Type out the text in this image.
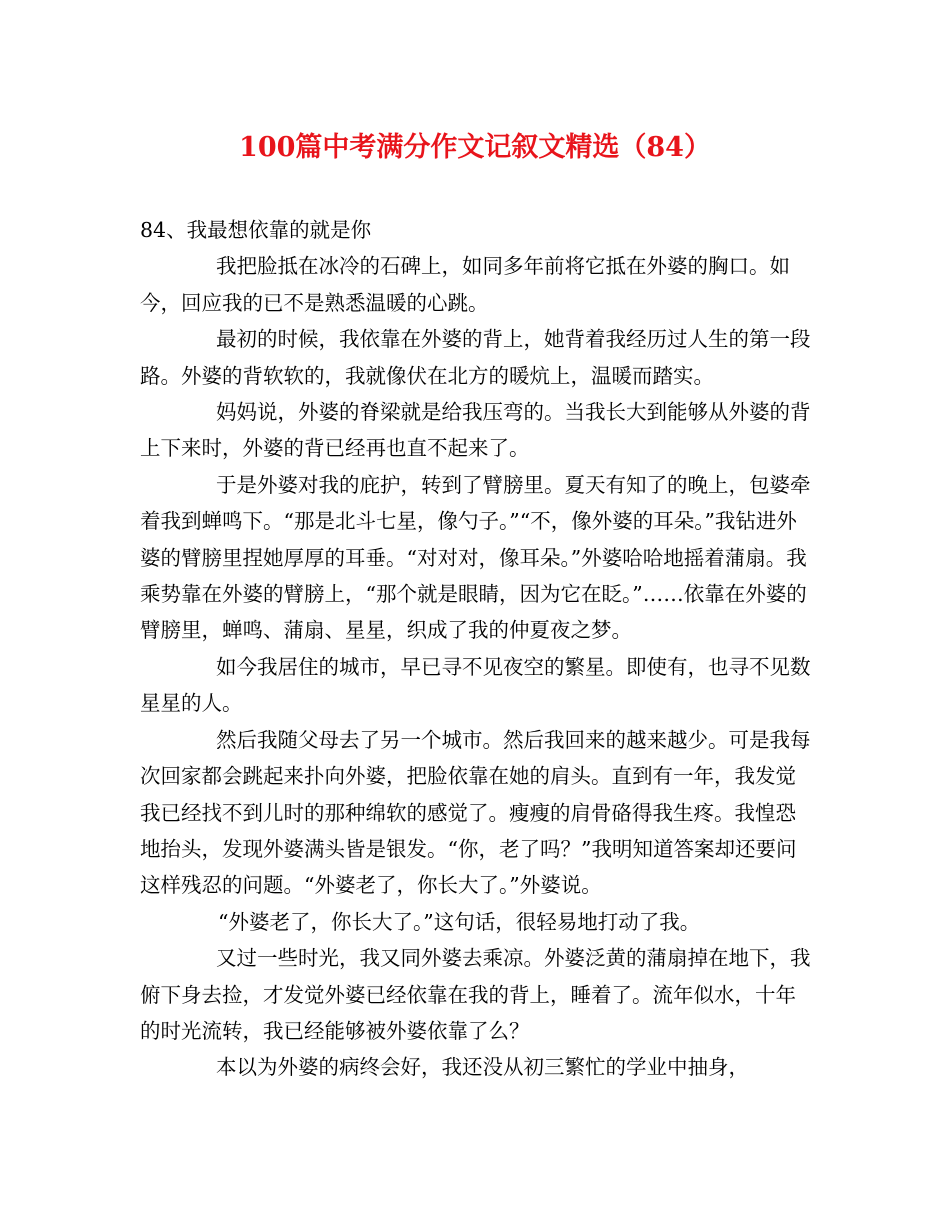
100篇中考满分作文记叙文精选（84）

84、我最想依靠的就是你

我把脸抵在冰冷的石碑上，如同多年前将它抵在外婆的胸口。如今，回应我的已不是熟悉温暖的心跳。

最初的时候，我依靠在外婆的背上，她背着我经历过人生的第一段路。外婆的背软软的，我就像伏在北方的暖炕上，温暖而踏实。

妈妈说，外婆的脊梁就是给我压弯的。当我长大到能够从外婆的背上下来时，外婆的背已经再也直不起来了。

于是外婆对我的庇护，转到了臂膀里。夏天有知了的晚上，包婆牵着我到蝉鸣下。“那是北斗七星，像勺子。”“不，像外婆的耳朵。”我钻进外婆的臂膀里捏她厚厚的耳垂。“对对对，像耳朵。”外婆哈哈地摇着蒲扇。我乘势靠在外婆的臂膀上，“那个就是眼睛，因为它在眨。”……依靠在外婆的臂膀里，蝉鸣、蒲扇、星星，织成了我的仲夏夜之梦。

如今我居住的城市，早已寻不见夜空的繁星。即使有，也寻不见数星星的人。

然后我随父母去了另一个城市。然后我回来的越来越少。可是我每次回家都会跳起来扑向外婆，把脸依靠在她的肩头。直到有一年，我发觉我已经找不到儿时的那种绵软的感觉了。瘦瘦的肩骨硌得我生疼。我惶恐地抬头，发现外婆满头皆是银发。“你，老了吗？”我明知道答案却还要问这样残忍的问题。“外婆老了，你长大了。”外婆说。

“外婆老了，你长大了。”这句话，很轻易地打动了我。

又过一些时光，我又同外婆去乘凉。外婆泛黄的蒲扇掉在地下，我俯下身去捡，才发觉外婆已经依靠在我的背上，睡着了。流年似水，十年的时光流转，我已经能够被外婆依靠了么？

本以为外婆的病终会好，我还没从初三繁忙的学业中抽身，
